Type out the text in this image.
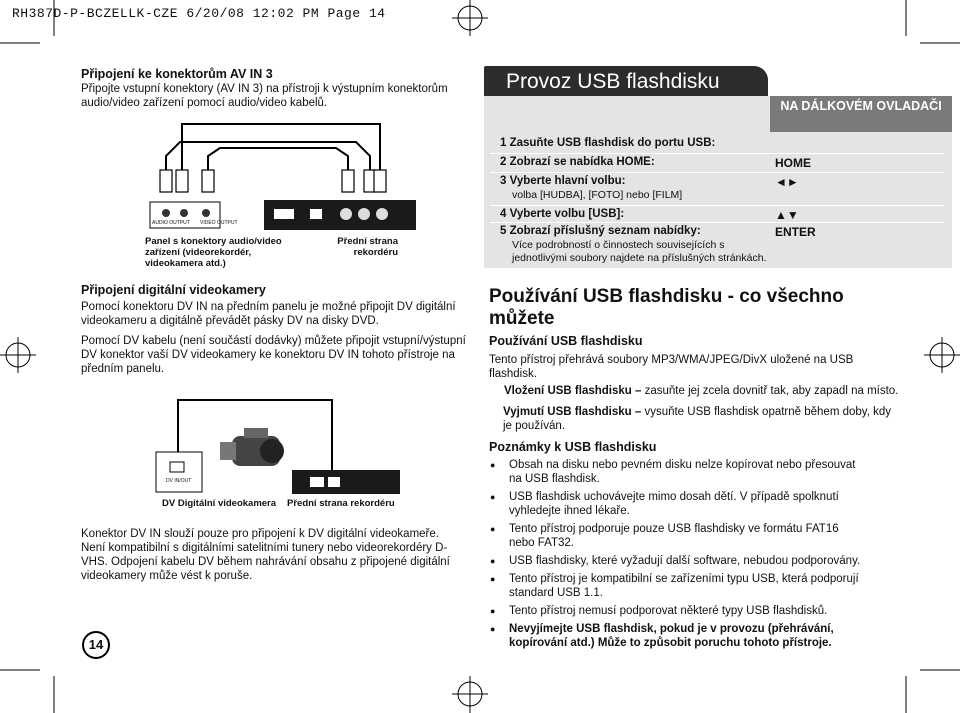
RH387D-P-BCZELLK-CZE 6/20/08 12:02 PM Page 14
Připojení ke konektorům AV IN 3
Připojte vstupní konektory (AV IN 3) na přístroji k výstupním konektorům audio/video zařízení pomocí audio/video kabelů.
AUDIO OUTPUT VIDEO OUTPUT
Panel s konektory audio/video zařízení (videorekordér, videokamera atd.)
Přední strana rekordéru
Připojení digitální videokamery
Pomocí konektoru DV IN na předním panelu je možné připojit DV digitální videokameru a digitálně převádět pásky DV na disky DVD.
Pomocí DV kabelu (není součástí dodávky) můžete připojit vstupní/výstupní DV konektor vaší DV videokamery ke konektoru DV IN tohoto přístroje na předním panelu.
DV IN/OUT
DV Digitální videokamera Přední strana rekordéru
Konektor DV IN slouží pouze pro připojení k DV digitální videokameře. Není kompatibilní s digitálními satelitními tunery nebo videorekordéry D-VHS. Odpojení kabelu DV během nahrávání obsahu z připojené digitální videokamery může vést k poruše.
Provoz USB flashdisku
NA DÁLKOVÉM OVLADAČI
1 Zasuňte USB flashdisk do portu USB:
2 Zobrazí se nabídka HOME:	HOME
3 Vyberte hlavní volbu:
volba [HUDBA], [FOTO] nebo [FILM]
◄►
4 Vyberte volbu [USB]:	▲▼
5 Zobrazí příslušný seznam nabídky:
Více podrobností o činnostech souvisejících s jednotlivými soubory najdete na příslušných stránkách.
ENTER
Používání USB flashdisku - co všechno můžete
Používání USB flashdisku
Tento přístroj přehrává soubory MP3/WMA/JPEG/DivX uložené na USB flashdisk.
Vložení USB flashdisku – zasuňte jej zcela dovnitř tak, aby zapadl na místo.
Vyjmutí USB flashdisku – vysuňte USB flashdisk opatrně během doby, kdy je používán.
Poznámky k USB flashdisku
● Obsah na disku nebo pevném disku nelze kopírovat nebo přesouvat na USB flashdisk.
● USB flashdisk uchovávejte mimo dosah dětí. V případě spolknutí vyhledejte ihned lékaře.
● Tento přístroj podporuje pouze USB flashdisky ve formátu FAT16 nebo FAT32.
● USB flashdisky, které vyžadují další software, nebudou podporovány.
● Tento přístroj je kompatibilní se zařízeními typu USB, která podporují standard USB 1.1.
● Tento přístroj nemusí podporovat některé typy USB flashdisků.
● Nevyjímejte USB flashdisk, pokud je v provozu (přehrávání, kopírování atd.) Může to způsobit poruchu tohoto přístroje.
14
